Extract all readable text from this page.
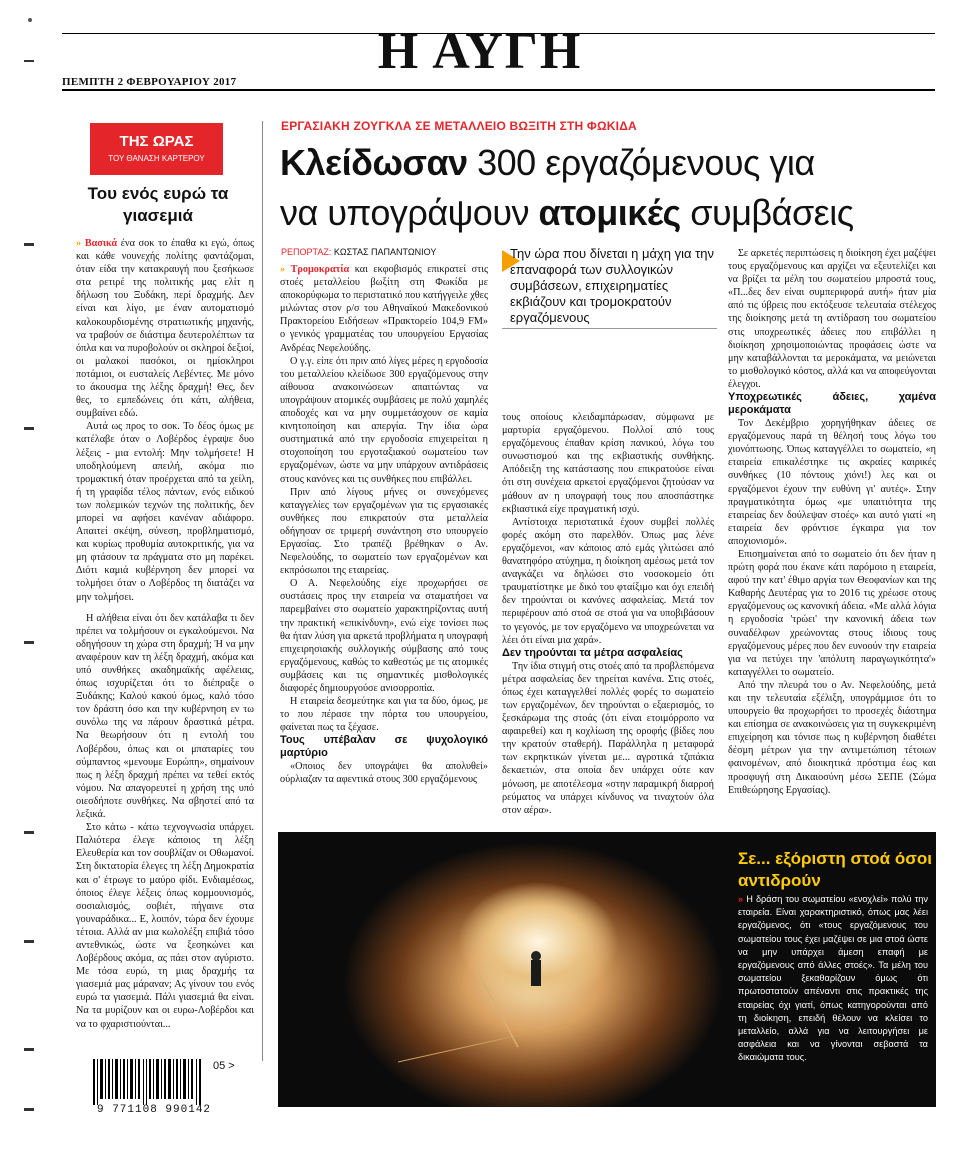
Η ΑΥΓΗ
ΠΕΜΠΤΗ 2 ΦΕΒΡΟΥΑΡΙΟΥ 2017
ΤΗΣ ΩΡΑΣ
ΤΟΥ ΘΑΝΑΣΗ ΚΑΡΤΕΡΟΥ
Του ενός ευρώ τα γιασεμιά

» Βασικά ένα σοκ το έπαθα κι εγώ, όπως και κάθε νουνεχής πολίτης φαντάζομαι, όταν είδα την κατακραυγή που ξεσήκωσε στα ρετιρέ της πολιτικής μας ελίτ η δήλωση του Ξυδάκη, περί δραχμής. Δεν είναι και λίγο, με έναν αυτοματισμό καλοκουρδισμένης στρατιωτικής μηχανής, να τραβούν σε διάστιμα δευτερολέπτων τα όπλα και να πυροβολούν οι σκληροί δεξιοί, οι μαλακοί πασόκοι, οι ημίσκληροι ποτάμιοι, οι ευσταλείς Λεβέντες. Με μόνο το άκουσμα της λέξης δραχμή! Θες, δεν θες, το εμπεδώνεις ότι κάτι, αλήθεια, συμβαίνει εδώ.

Αυτά ως προς το σοκ. Το δέος όμως με κατέλαβε όταν ο Λοβέρδος έγραψε δυο λέξεις - μια εντολή: Μην τολμήσετε! Η υποδηλούμενη απειλή, ακόμα πιο τρομακτική όταν προέρχεται από τα χείλη, ή τη γραφίδα τέλος πάντων, ενός ειδικού των πολεμικών τεχνών της πολιτικής, δεν μπορεί να αφήσει κανέναν αδιάφορο. Απαιτεί σκέψη, σύνεση, προβληματισμό, και κυρίως προθυμία αυτοκριτικής, για να μη φτάσουν τα πράγματα στο μη παρέκει. Διότι καμιά κυβέρνηση δεν μπορεί να τολμήσει όταν ο Λοβέρδος τη διατάζει να μην τολμήσει.

Η αλήθεια είναι ότι δεν κατάλαβα τι δεν πρέπει να τολμήσουν οι εγκαλούμενοι. Να οδηγήσουν τη χώρα στη δραχμή; Ή να μην αναφέρουν καν τη λέξη δραχμή, ακόμα και υπό συνθήκες ακαδημαϊκής αφέλειας, όπως ισχυρίζεται ότι το διέπραξε ο Ξυδάκης; Καλού κακού όμως, καλό τόσο τον δράστη όσο και την κυβέρνηση εν τω συνόλω της να πάρουν δραστικά μέτρα. Να θεωρήσουν ότι η εντολή του Λοβέρδου, όπως και οι μπαταρίες του σύμπαντος «μενουμε Ευρώπη», σημαίνουν πως η λέξη δραχμή πρέπει να τεθεί εκτός νόμου. Να απαγορευτεί η χρήση της υπό οιεσδήποτε συνθήκες. Να σβηστεί από τα λεξικά.

Στο κάτω - κάτω τεχνογνωσία υπάρχει. Παλιότερα έλεγε κάποιος τη λέξη Ελευθερία και τον σουβλίζαν οι Οθωμανοί. Στη δικτατορία έλεγες τη λέξη Δημοκρατία και σ' έτρωγε το μαύρο φίδι. Ενδιαμέσως, όποιος έλεγε λέξεις όπως κομμουνισμός, σοσιαλισμός, σοβιέτ, πήγαινε στα γουναράδικα... Ε, λοιπόν, τώρα δεν έχουμε τέτοια. Αλλά αν μια κωλολέξη επιβιά τόσο αντεθνικώς, ώστε να ξεσηκώνει και Λοβέρδους ακόμα, ας πάει στον αγύριστο. Με τόσα ευρώ, τη μιας δραχμής τα γιασεμιά μας μάραναν; Ας γίνουν του ενός ευρώ τα γιασεμιά. Πάλι γιασεμιά θα είναι. Να τα μυρίζουν και οι ευρω-Λοβέρδοι και να το φχαριστιούνται...

9 771108 990142
05 >
ΕΡΓΑΣΙΑΚΗ ΖΟΥΓΚΛΑ ΣΕ ΜΕΤΑΛΛΕΙΟ ΒΩΞΙΤΗ ΣΤΗ ΦΩΚΙΔΑ
Κλείδωσαν 300 εργαζόμενους για
να υπογράψουν ατομικές συμβάσεις
ΡΕΠΟΡΤΑΖ: ΚΩΣΤΑΣ ΠΑΠΑΝΤΩΝΙΟΥ	Την ώρα που δίνεται η μάχη για την επαναφορά των συλλογικών συμβάσεων, επιχειρηματίες εκβιάζουν και τρομοκρατούν εργαζόμενους

» Τρομοκρατία και εκφοβισμός επικρατεί στις στοές μεταλλείου βωξίτη στη Φωκίδα με αποκορύφωμα το περιστατικό που κατήγγειλε χθες μιλώντας στον ρ/σ του Αθηναϊκού Μακεδονικού Πρακτορείου Ειδήσεων «Πρακτορείο 104,9 FM» ο γενικός γραμματέας του υπουργείου Εργασίας Ανδρέας Νεφελούδης.

Ο γ.γ. είπε ότι πριν από λίγες μέρες η εργοδοσία του μεταλλείου κλείδωσε 300 εργαζόμενους στην αίθουσα ανακοινώσεων απαιτώντας να υπογράψουν ατομικές συμβάσεις με πολύ χαμηλές αποδοχές και να μην συμμετάσχουν σε καμία κινητοποίηση και απεργία. Την ίδια ώρα συστηματικά από την εργοδοσία επιχειρείται η στοχοποίηση του εργοταξιακού σωματείου των εργαζομένων, ώστε να μην υπάρχουν αντιδράσεις στους κανόνες και τις συνθήκες που επιβάλλει.

Πριν από λίγους μήνες οι συνεχόμενες καταγγελίες των εργαζομένων για τις εργασιακές συνθήκες που επικρατούν στα μεταλλεία οδήγησαν σε τριμερή συνάντηση στο υπουργείο Εργασίας. Στο τραπέζι βρέθηκαν ο Αν. Νεφελούδης, το σωματείο των εργαζομένων και εκπρόσωποι της εταιρείας.

Ο Α. Νεφελούδης είχε προχωρήσει σε συστάσεις προς την εταιρεία να σταματήσει να παρεμβαίνει στο σωματείο χαρακτηρίζοντας αυτή την πρακτική «επικίνδυνη», ενώ είχε τονίσει πως θα ήταν λύση για αρκετά προβλήματα η υπογραφή επιχειρησιακής συλλογικής σύμβασης από τους εργαζόμενους, καθώς το καθεστώς με τις ατομικές συμβάσεις και τις σημαντικές μισθολογικές διαφορές δημιουργούσε ανισορροπία.

Η εταιρεία δεσμεύτηκε και για τα δύο, όμως, με το που πέρασε την πόρτα του υπουργείου, φαίνεται πως τα ξέχασε.

Τους υπέβαλαν σε ψυχολογικό μαρτύριο

«Οποιος δεν υπογράψει θα απολυθεί» ούρλιαζαν τα αφεντικά στους 300 εργαζόμενους

τους οποίους κλειδαμπάρωσαν, σύμφωνα με μαρτυρία εργαζόμενου. Πολλοί από τους εργαζόμενους έπαθαν κρίση πανικού, λόγω του συνωστισμού και της εκβιαστικής συνθήκης. Απόδειξη της κατάστασης που επικρατούσε είναι ότι στη συνέχεια αρκετοί εργαζόμενοι ζητούσαν να μάθουν αν η υπογραφή τους που αποσπάστηκε εκβιαστικά είχε πραγματική ισχύ.

Αντίστοιχα περιστατικά έχουν συμβεί πολλές φορές ακόμη στο παρελθόν. Όπως μας λένε εργαζόμενοι, «αν κάποιος από εμάς γλιτώσει από θανατηφόρο ατύχημα, η διοίκηση αμέσως μετά τον αναγκάζει να δηλώσει στο νοσοκομείο ότι τραυματίστηκε με δικό του φταίξιμο και όχι επειδή δεν τηρούνται οι κανόνες ασφαλείας. Μετά τον περιφέρουν από στοά σε στοά για να υποβιβάσουν το γεγονός, με τον εργαζόμενο να υποχρεώνεται να λέει ότι είναι μια χαρά».

Δεν τηρούνται τα μέτρα ασφαλείας

Την ίδια στιγμή στις στοές από τα προβλεπόμενα μέτρα ασφαλείας δεν τηρείται κανένα. Στις στοές, όπως έχει καταγγελθεί πολλές φορές το σωματείο των εργαζομένων, δεν τηρούνται ο εξαερισμός, το ξεσκάρωμα της στοάς (ότι είναι ετοιμόρροπο να αφαιρεθεί) και η κοχλίωση της οροφής (βίδες που την κρατούν σταθερή). Παράλληλα η μεταφορά των εκρηκτικών γίνεται με... αγροτικά τζιπάκια δεκαετιών, στα οποία δεν υπάρχει ούτε καν μόνωση, με αποτέλεσμα «στην παραμικρή διαρροή ρεύματος να υπάρχει κίνδυνος να τιναχτούν όλα στον αέρα».

Σε αρκετές περιπτώσεις η διοίκηση έχει μαζέψει τους εργαζόμενους και αρχίζει να εξευτελίζει και να βρίζει τα μέλη του σωματείου μπροστά τους, «Π...δες δεν είναι συμπεριφορά αυτή» ήταν μία από τις ύβρεις που εκτόξευσε τελευταία στέλεχος της διοίκησης μετά τη αντίδραση του σωματείου στις υποχρεωτικές άδειες που επιβάλλει η διοίκηση χρησιμοποιώντας προφάσεις ώστε να μην καταβάλλονται τα μεροκάματα, να μειώνεται το μισθολογικό κόστος, αλλά και να αποφεύγονται έλεγχοι.

Υποχρεωτικές άδειες, χαμένα μεροκάματα

Τον Δεκέμβριο χορηγήθηκαν άδειες σε εργαζόμενους παρά τη θέλησή τους λόγω του χιονόπτωσης. Όπως καταγγέλλει το σωματείο, «η εταιρεία επικαλέστηκε τις ακραίες καιρικές συνθήκες (10 πόντους χιόνι!) λες και οι εργαζόμενοι έχουν την ευθύνη γι' αυτές». Στην πραγματικότητα όμως «με υπαιτιότητα της εταιρείας δεν δούλεψαν στοές» και αυτό γιατί «η εταιρεία δεν φρόντισε έγκαιρα για τον αποχιονισμό».

Επισημαίνεται από το σωματείο ότι δεν ήταν η πρώτη φορά που έκανε κάτι παρόμοιο η εταιρεία, αφού την κατ' έθιμο αργία των Θεοφανίων και της Καθαρής Δευτέρας για το 2016 τις χρέωσε στους εργαζόμενους ως κανονική άδεια. «Με αλλά λόγια η εργοδοσία 'τρώει' την κανονική άδεια των συναδέλφων χρεώνοντας στους ίδιους τους εργαζόμενους μέρες που δεν ευνοούν την εταιρεία για να πετύχει την 'απόλυτη παραγωγικότητα'» καταγγέλλει το σωματείο.

Από την πλευρά του ο Αν. Νεφελούδης, μετά και την τελευταία εξέλιξη, υπογράμμισε ότι το υπουργείο θα προχωρήσει το προσεχές διάστημα και επίσημα σε ανακοινώσεις για τη συγκεκριμένη επιχείρηση και τόνισε πως η κυβέρνηση διαθέτει δέσμη μέτρων για την αντιμετώπιση τέτοιων φαινομένων, από διοικητικά πρόστιμα έως και προσφυγή στη Δικαιοσύνη μέσω ΣΕΠΕ (Σώμα Επιθεώρησης Εργασίας).

Σε... εξόριστη στοά όσοι αντιδρούν
» Η δράση του σωματείου «ενοχλεί» πολύ την εταιρεία. Είναι χαρακτηριστικό, όπως μας λέει εργαζόμενος, ότι «τους εργαζόμενους του σωματείου τους έχει μαζέψει σε μια στοά ώστε να μην υπάρχει άμεση επαφή με εργαζόμενους από άλλες στοές». Τα μέλη του σωματείου ξεκαθαρίζουν όμως ότι πρωτοστατούν απέναντι στις πρακτικές της εταιρείας όχι γιατί, όπως κατηγορούνται από τη διοίκηση, επειδή θέλουν να κλείσει το μεταλλείο, αλλά για να λειτουργήσει με ασφάλεια και να γίνονται σεβαστά τα δικαιώματα τους.
